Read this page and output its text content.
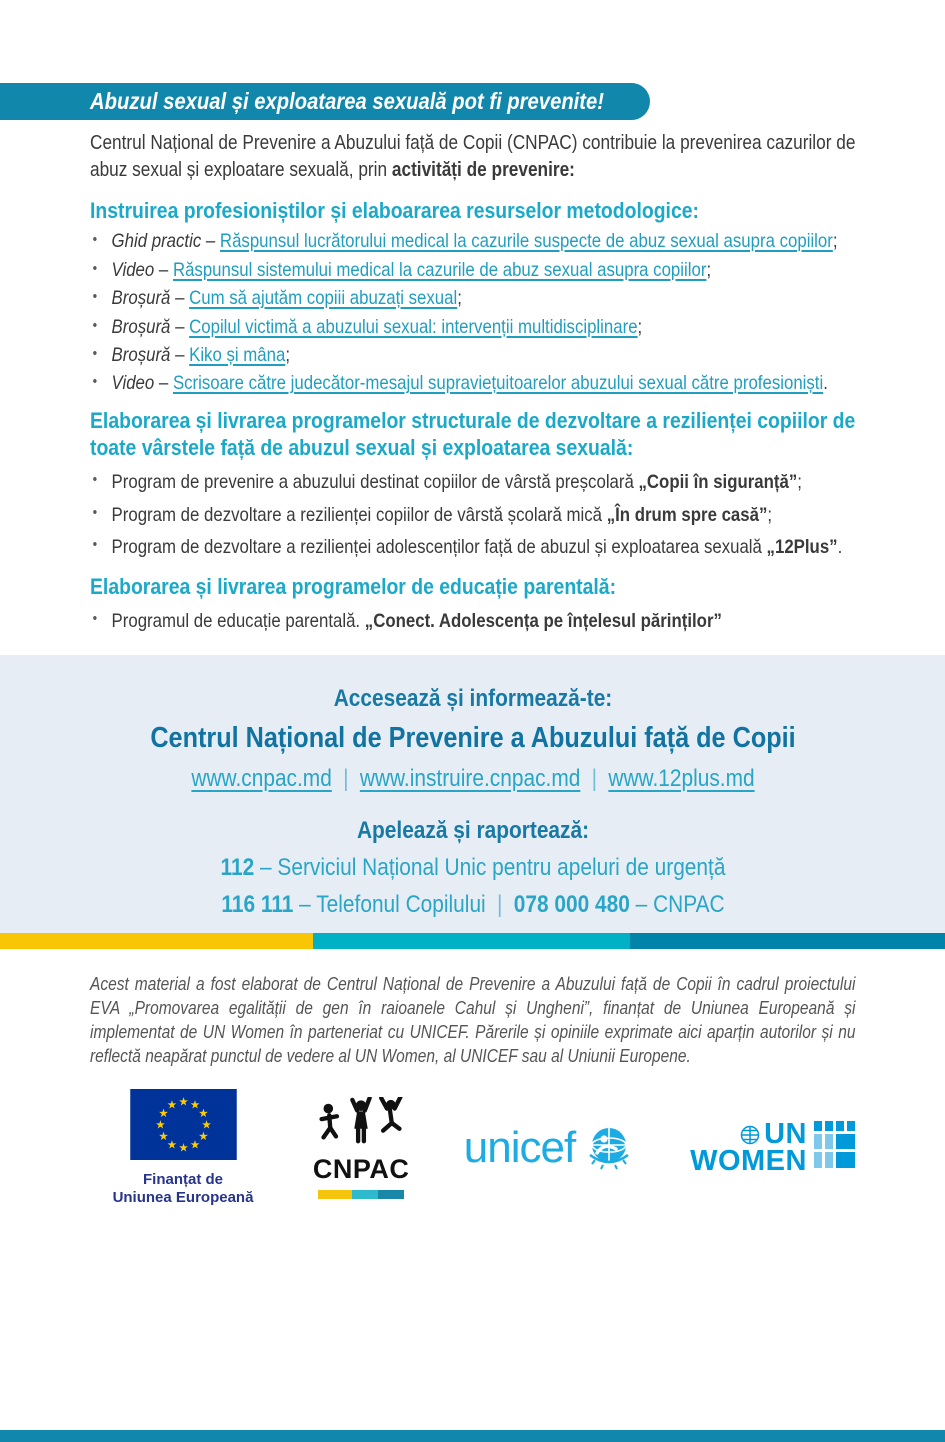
Abuzul sexual și exploatarea sexuală pot fi prevenite!

Centrul Național de Prevenire a Abuzului față de Copii (CNPAC) contribuie la prevenirea cazurilor de abuz sexual și exploatare sexuală, prin activități de prevenire:

Instruirea profesioniștilor și elaboararea resurselor metodologice:
• Ghid practic – Răspunsul lucrătorului medical la cazurile suspecte de abuz sexual asupra copiilor;
• Video – Răspunsul sistemului medical la cazurile de abuz sexual asupra copiilor;
• Broșură – Cum să ajutăm copiii abuzați sexual;
• Broșură – Copilul victimă a abuzului sexual: intervenții multidisciplinare;
• Broșură – Kiko și mâna;
• Video – Scrisoare către judecător-mesajul supraviețuitoarelor abuzului sexual către profesioniști.
Elaborarea și livrarea programelor structurale de dezvoltare a rezilienței copiilor de toate vârstele față de abuzul sexual și exploatarea sexuală:
• Program de prevenire a abuzului destinat copiilor de vârstă preșcolară „Copii în siguranță”;
• Program de dezvoltare a rezilienței copiilor de vârstă școlară mică „În drum spre casă”;
• Program de dezvoltare a rezilienței adolescenților față de abuzul și exploatarea sexuală „12Plus”.
Elaborarea și livrarea programelor de educație parentală:
• Programul de educație parentală. „Conect. Adolescența pe înțelesul părinților”
Accesează și informează-te:
Centrul Național de Prevenire a Abuzului față de Copii
www.cnpac.md | www.instruire.cnpac.md | www.12plus.md
Apelează și raportează:
112 – Serviciul Național Unic pentru apeluri de urgență
116 111 – Telefonul Copilului | 078 000 480 – CNPAC

Acest material a fost elaborat de Centrul Național de Prevenire a Abuzului față de Copii în cadrul proiectului EVA „Promovarea egalității de gen în raioanele Cahul și Ungheni”, finanțat de Uniunea Europeană și implementat de UN Women în parteneriat cu UNICEF. Părerile și opiniile exprimate aici aparțin autorilor și nu reflectă neapărat punctul de vedere al UN Women, al UNICEF sau al Uniunii Europene.

★ ★
★
★
★
★
★
★
★
★
★
★
Finanțat de
Uniunea Europeană
CNPAC unicef	UN
WOMEN
